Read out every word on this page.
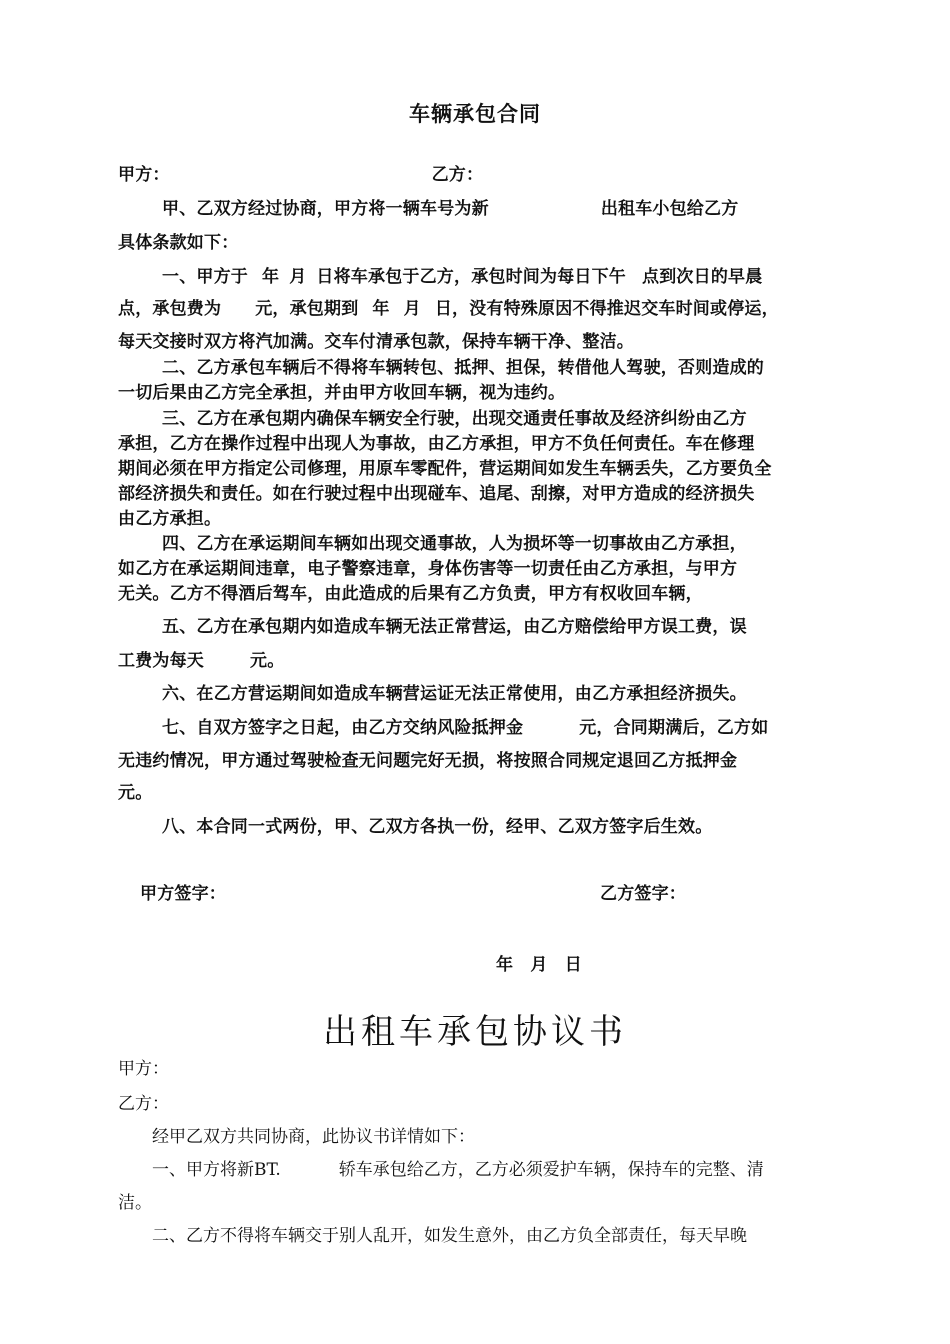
车辆承包合同
甲方：	乙方：
甲、乙双方经过协商，甲方将一辆车号为新	出租车小包给乙方
具体条款如下：
一、甲方于 年 月 日将车承包于乙方，承包时间为每日下午 点到次日的早晨
点，承包费为 元，承包期到 年 月 日，没有特殊原因不得推迟交车时间或停运，
每天交接时双方将汽加满。交车付清承包款，保持车辆干净、整洁。
二、乙方承包车辆后不得将车辆转包、抵押、担保，转借他人驾驶，否则造成的
一切后果由乙方完全承担，并由甲方收回车辆，视为违约。
三、乙方在承包期内确保车辆安全行驶，出现交通责任事故及经济纠纷由乙方
承担，乙方在操作过程中出现人为事故，由乙方承担，甲方不负任何责任。车在修理
期间必须在甲方指定公司修理，用原车零配件，营运期间如发生车辆丢失，乙方要负全
部经济损失和责任。如在行驶过程中出现碰车、追尾、刮擦，对甲方造成的经济损失
由乙方承担。
四、乙方在承运期间车辆如出现交通事故，人为损坏等一切事故由乙方承担，
如乙方在承运期间违章，电子警察违章，身体伤害等一切责任由乙方承担，与甲方
无关。乙方不得酒后驾车，由此造成的后果有乙方负责，甲方有权收回车辆，
五、乙方在承包期内如造成车辆无法正常营运，由乙方赔偿给甲方误工费，误
工费为每天	元。
六、在乙方营运期间如造成车辆营运证无法正常使用，由乙方承担经济损失。
七、自双方签字之日起，由乙方交纳风险抵押金	元，合同期满后，乙方如
无违约情况，甲方通过驾驶检查无问题完好无损，将按照合同规定退回乙方抵押金
元。
八、本合同一式两份，甲、乙双方各执一份，经甲、乙双方签字后生效。
甲方签字：	乙方签字：
年　月　日
出租车承包协议书
甲方：
乙方：
经甲乙双方共同协商，此协议书详情如下：
一、甲方将新BT.	轿车承包给乙方，乙方必须爱护车辆，保持车的完整、清
洁。
二、乙方不得将车辆交于别人乱开，如发生意外，由乙方负全部责任，每天早晚
